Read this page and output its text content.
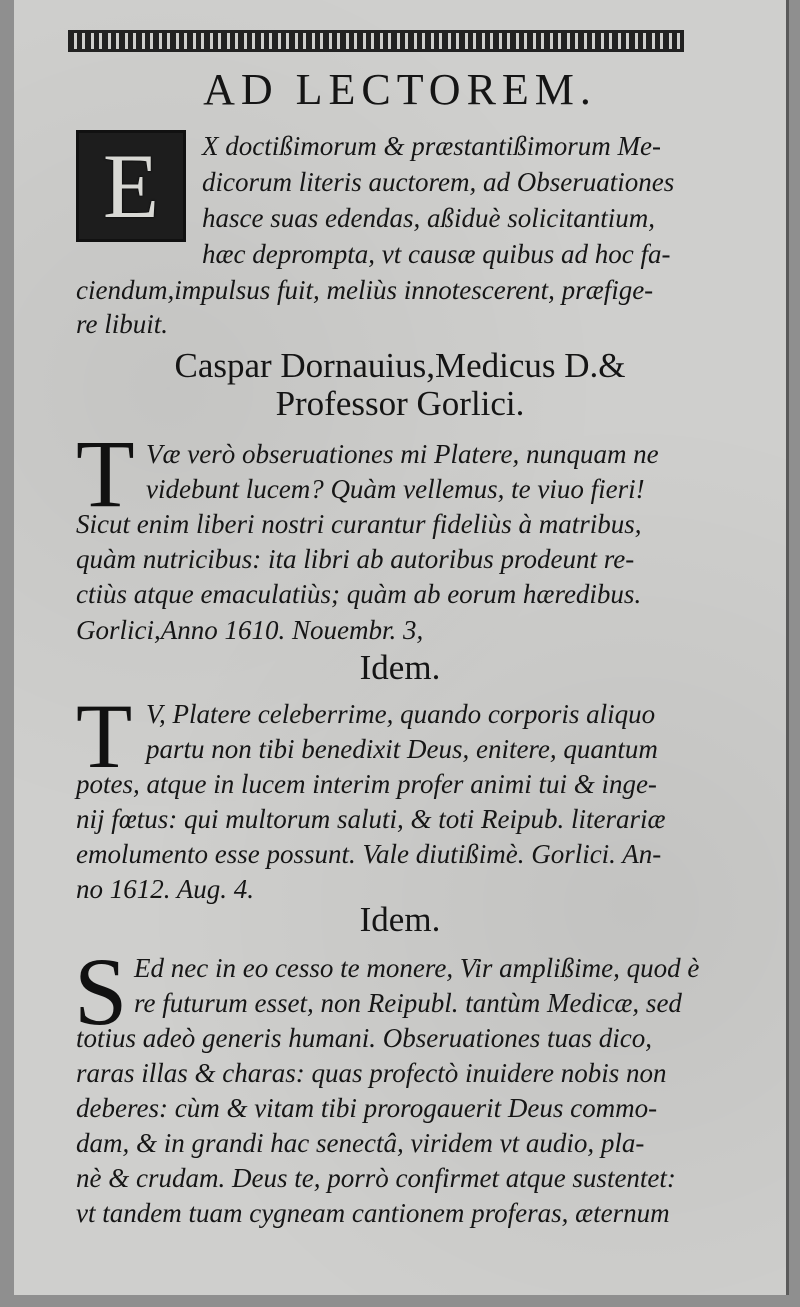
AD LECTOREM.
E X doctißimorum & præstantißimorum Me-
dicorum literis auctorem, ad Obseruationes
hasce suas edendas, aßiduè solicitantium,
hæc deprompta, vt causæ quibus ad hoc fa-
ciendum,impulsus fuit, meliùs innotescerent, præfige-
re libuit.
Caspar Dornauius,Medicus D.&
Professor Gorlici.
T Væ verò obseruationes mi Platere, nunquam ne
videbunt lucem? Quàm vellemus, te viuo fieri!
Sicut enim liberi nostri curantur fideliùs à matribus,
quàm nutricibus: ita libri ab autoribus prodeunt re-
ctiùs atque emaculatiùs; quàm ab eorum hæredibus.
Gorlici,Anno 1610. Nouembr. 3,
Idem.
T V, Platere celeberrime, quando corporis aliquo
partu non tibi benedixit Deus, enitere, quantum
potes, atque in lucem interim profer animi tui & inge-
nij fœtus: qui multorum saluti, & toti Reipub. literariæ
emolumento esse possunt. Vale diutißimè. Gorlici. An-
no 1612. Aug. 4.
Idem.
S Ed nec in eo cesso te monere, Vir amplißime, quod è
re futurum esset, non Reipubl. tantùm Medicæ, sed
totius adeò generis humani. Obseruationes tuas dico,
raras illas & charas: quas profectò inuidere nobis non
deberes: cùm & vitam tibi prorogauerit Deus commo-
dam, & in grandi hac senectâ, viridem vt audio, pla-
nè & crudam. Deus te, porrò confirmet atque sustentet:
vt tandem tuam cygneam cantionem proferas, æternum
